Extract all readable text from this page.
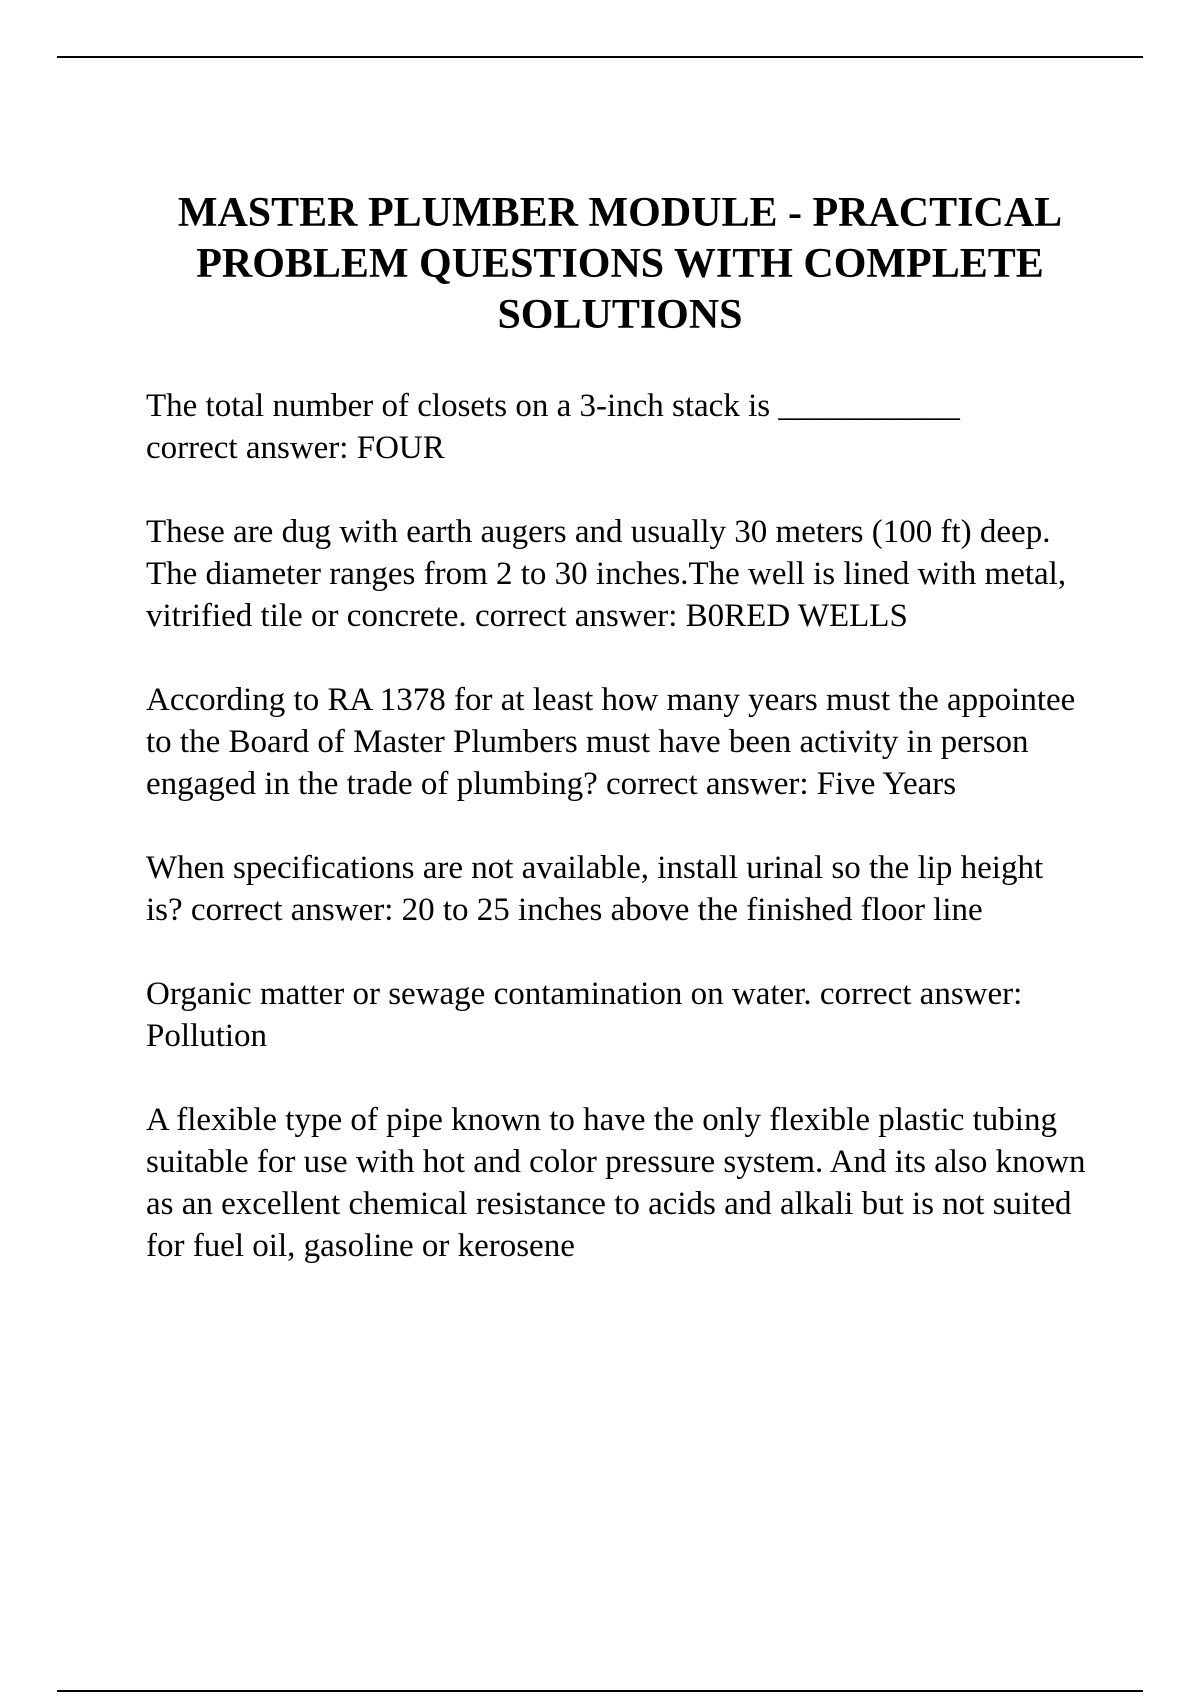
MASTER PLUMBER MODULE - PRACTICAL PROBLEM QUESTIONS WITH COMPLETE SOLUTIONS
The total number of closets on a 3-inch stack is ___________
correct answer: FOUR
These are dug with earth augers and usually 30 meters (100 ft) deep. The diameter ranges from 2 to 30 inches.The well is lined with metal, vitrified tile or concrete. correct answer: B0RED WELLS
According to RA 1378 for at least how many years must the appointee to the Board of Master Plumbers must have been activity in person engaged in the trade of plumbing? correct answer: Five Years
When specifications are not available, install urinal so the lip height is? correct answer: 20 to 25 inches above the finished floor line
Organic matter or sewage contamination on water. correct answer: Pollution
A flexible type of pipe known to have the only flexible plastic tubing suitable for use with hot and color pressure system. And its also known as an excellent chemical resistance to acids and alkali but is not suited for fuel oil, gasoline or kerosene
